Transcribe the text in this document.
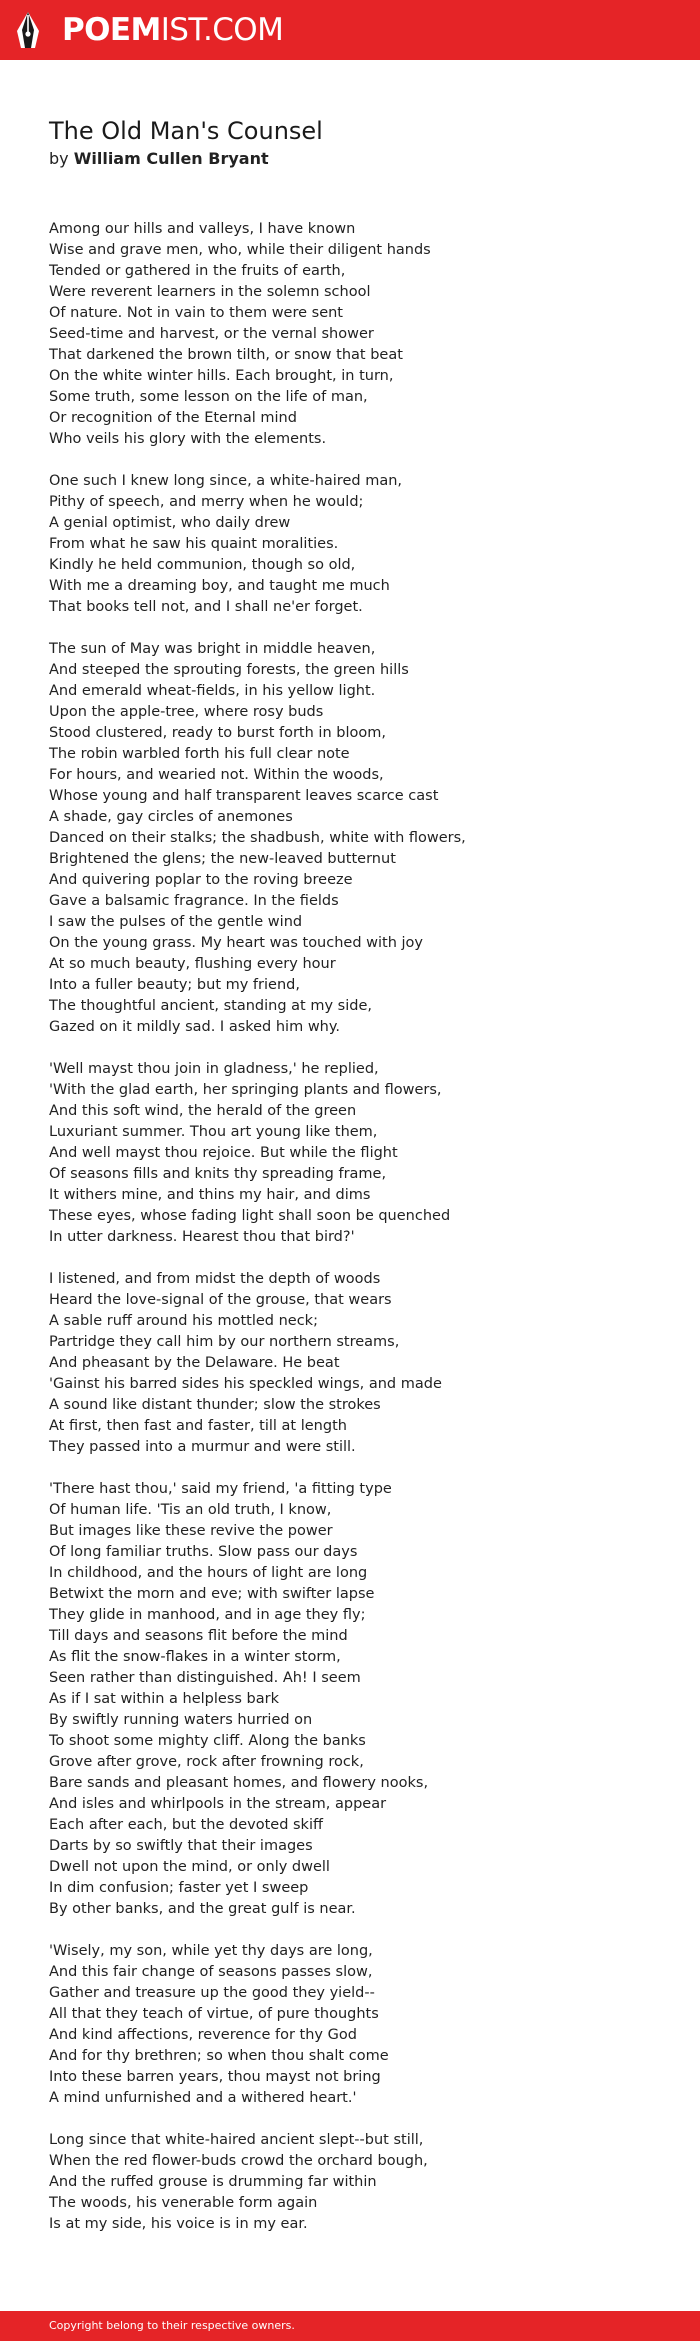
POEMIST.COM
The Old Man's Counsel
by William Cullen Bryant
Among our hills and valleys, I have known
Wise and grave men, who, while their diligent hands
Tended or gathered in the fruits of earth,
Were reverent learners in the solemn school
Of nature. Not in vain to them were sent
Seed-time and harvest, or the vernal shower
That darkened the brown tilth, or snow that beat
On the white winter hills. Each brought, in turn,
Some truth, some lesson on the life of man,
Or recognition of the Eternal mind
Who veils his glory with the elements.
One such I knew long since, a white-haired man,
Pithy of speech, and merry when he would;
A genial optimist, who daily drew
From what he saw his quaint moralities.
Kindly he held communion, though so old,
With me a dreaming boy, and taught me much
That books tell not, and I shall ne'er forget.
The sun of May was bright in middle heaven,
And steeped the sprouting forests, the green hills
And emerald wheat-fields, in his yellow light.
Upon the apple-tree, where rosy buds
Stood clustered, ready to burst forth in bloom,
The robin warbled forth his full clear note
For hours, and wearied not. Within the woods,
Whose young and half transparent leaves scarce cast
A shade, gay circles of anemones
Danced on their stalks; the shadbush, white with flowers,
Brightened the glens; the new-leaved butternut
And quivering poplar to the roving breeze
Gave a balsamic fragrance. In the fields
I saw the pulses of the gentle wind
On the young grass. My heart was touched with joy
At so much beauty, flushing every hour
Into a fuller beauty; but my friend,
The thoughtful ancient, standing at my side,
Gazed on it mildly sad. I asked him why.
'Well mayst thou join in gladness,' he replied,
'With the glad earth, her springing plants and flowers,
And this soft wind, the herald of the green
Luxuriant summer. Thou art young like them,
And well mayst thou rejoice. But while the flight
Of seasons fills and knits thy spreading frame,
It withers mine, and thins my hair, and dims
These eyes, whose fading light shall soon be quenched
In utter darkness. Hearest thou that bird?'
I listened, and from midst the depth of woods
Heard the love-signal of the grouse, that wears
A sable ruff around his mottled neck;
Partridge they call him by our northern streams,
And pheasant by the Delaware. He beat
'Gainst his barred sides his speckled wings, and made
A sound like distant thunder; slow the strokes
At first, then fast and faster, till at length
They passed into a murmur and were still.
'There hast thou,' said my friend, 'a fitting type
Of human life. 'Tis an old truth, I know,
But images like these revive the power
Of long familiar truths. Slow pass our days
In childhood, and the hours of light are long
Betwixt the morn and eve; with swifter lapse
They glide in manhood, and in age they fly;
Till days and seasons flit before the mind
As flit the snow-flakes in a winter storm,
Seen rather than distinguished. Ah! I seem
As if I sat within a helpless bark
By swiftly running waters hurried on
To shoot some mighty cliff. Along the banks
Grove after grove, rock after frowning rock,
Bare sands and pleasant homes, and flowery nooks,
And isles and whirlpools in the stream, appear
Each after each, but the devoted skiff
Darts by so swiftly that their images
Dwell not upon the mind, or only dwell
In dim confusion; faster yet I sweep
By other banks, and the great gulf is near.
'Wisely, my son, while yet thy days are long,
And this fair change of seasons passes slow,
Gather and treasure up the good they yield--
All that they teach of virtue, of pure thoughts
And kind affections, reverence for thy God
And for thy brethren; so when thou shalt come
Into these barren years, thou mayst not bring
A mind unfurnished and a withered heart.'
Long since that white-haired ancient slept--but still,
When the red flower-buds crowd the orchard bough,
And the ruffed grouse is drumming far within
The woods, his venerable form again
Is at my side, his voice is in my ear.
Copyright belong to their respective owners.
